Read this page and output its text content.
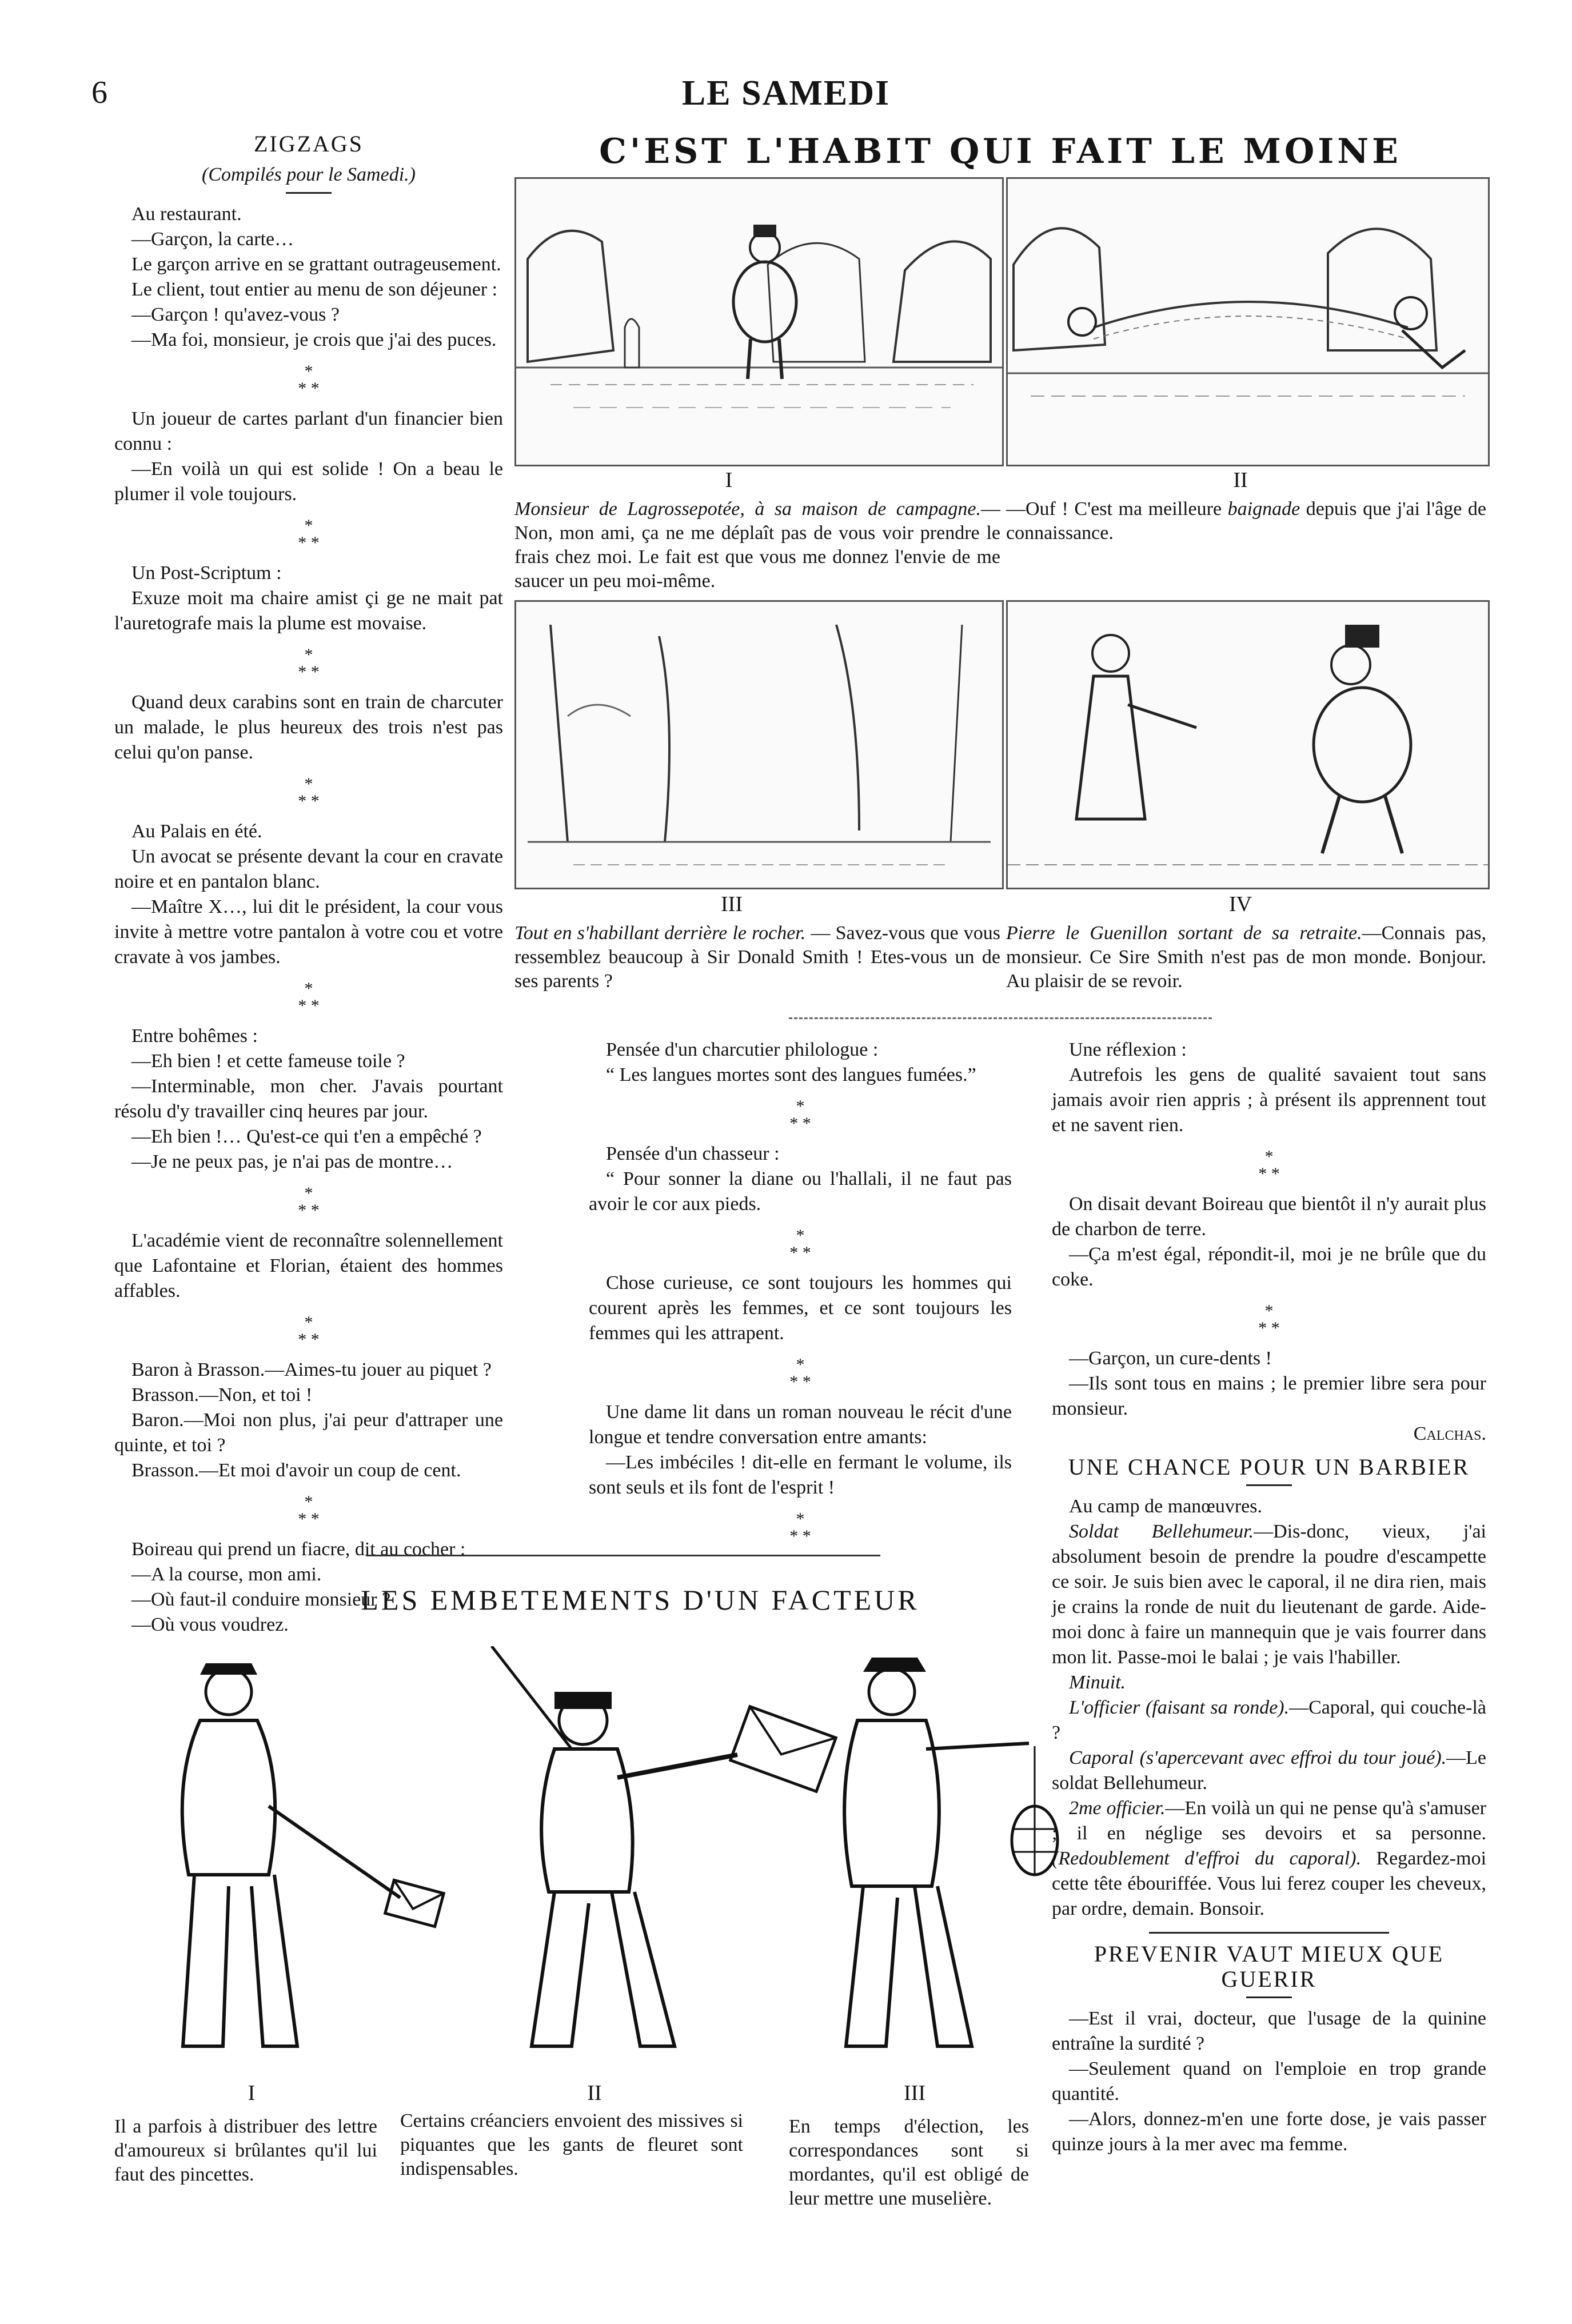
6	LE SAMEDI

ZIGZAGS

(Compilés pour le Samedi.)

Au restaurant.

—Garçon, la carte…

Le garçon arrive en se grattant outrageusement.

Le client, tout entier au menu de son déjeuner :

—Garçon ! qu'avez-vous ?

—Ma foi, monsieur, je crois que j'ai des puces.

*
* *

Un joueur de cartes parlant d'un financier bien connu :

—En voilà un qui est solide ! On a beau le plumer il vole toujours.

*
* *

Un Post-Scriptum :

Exuze moit ma chaire amist çi ge ne mait pat l'auretografe mais la plume est movaise.

*
* *

Quand deux carabins sont en train de charcuter un malade, le plus heureux des trois n'est pas celui qu'on panse.

*
* *

Au Palais en été.

Un avocat se présente devant la cour en cravate noire et en pantalon blanc.

—Maître X…, lui dit le président, la cour vous invite à mettre votre pantalon à votre cou et votre cravate à vos jambes.

*
* *

Entre bohêmes :

—Eh bien ! et cette fameuse toile ?

—Interminable, mon cher. J'avais pourtant résolu d'y travailler cinq heures par jour.

—Eh bien !… Qu'est-ce qui t'en a empêché ?

—Je ne peux pas, je n'ai pas de montre…

*
* *

L'académie vient de reconnaître solennellement que Lafontaine et Florian, étaient des hommes affables.

*
* *

Baron à Brasson.—Aimes-tu jouer au piquet ?

Brasson.—Non, et toi !

Baron.—Moi non plus, j'ai peur d'attraper une quinte, et toi ?

Brasson.—Et moi d'avoir un coup de cent.

*
* *

Boireau qui prend un fiacre, dit au cocher :

—A la course, mon ami.

—Où faut-il conduire monsieur ?

—Où vous voudrez.

C'EST L'HABIT QUI FAIT LE MOINE
I	II
Monsieur de Lagrossepotée, à sa maison de campagne.—Non, mon ami, ça ne me déplaît pas de vous voir prendre le frais chez moi. Le fait est que vous me donnez l'envie de me saucer un peu moi-même.
—Ouf ! C'est ma meilleure baignade depuis que j'ai l'âge de connaissance.
III	IV
Tout en s'habillant derrière le rocher. — Savez-vous que vous ressemblez beaucoup à Sir Donald Smith ! Etes-vous un de ses parents ?
Pierre le Guenillon sortant de sa retraite.—Connais pas, monsieur. Ce Sire Smith n'est pas de mon monde. Bonjour. Au plaisir de se revoir.

Pensée d'un charcutier philologue :

“ Les langues mortes sont des langues fumées.”

*
* *

Pensée d'un chasseur :

“ Pour sonner la diane ou l'hallali, il ne faut pas avoir le cor aux pieds.

*
* *

Chose curieuse, ce sont toujours les hommes qui courent après les femmes, et ce sont toujours les femmes qui les attrapent.

*
* *

Une dame lit dans un roman nouveau le récit d'une longue et tendre conversation entre amants:

—Les imbéciles ! dit-elle en fermant le volume, ils sont seuls et ils font de l'esprit !

*
* *

Une réflexion :

Autrefois les gens de qualité savaient tout sans jamais avoir rien appris ; à présent ils apprennent tout et ne savent rien.

*
* *

On disait devant Boireau que bientôt il n'y aurait plus de charbon de terre.

—Ça m'est égal, répondit-il, moi je ne brûle que du coke.

*
* *

—Garçon, un cure-dents !

—Ils sont tous en mains ; le premier libre sera pour monsieur.

Calchas.

UNE CHANCE POUR UN BARBIER

Au camp de manœuvres.

Soldat Bellehumeur.—Dis-donc, vieux, j'ai absolument besoin de prendre la poudre d'escampette ce soir. Je suis bien avec le caporal, il ne dira rien, mais je crains la ronde de nuit du lieutenant de garde. Aide-moi donc à faire un mannequin que je vais fourrer dans mon lit. Passe-moi le balai ; je vais l'habiller.

Minuit.

L'officier (faisant sa ronde).—Caporal, qui couche-là ?

Caporal (s'apercevant avec effroi du tour joué).—Le soldat Bellehumeur.

2me officier.—En voilà un qui ne pense qu'à s'amuser ; il en néglige ses devoirs et sa personne. (Redoublement d'effroi du caporal). Regardez-moi cette tête ébouriffée. Vous lui ferez couper les cheveux, par ordre, demain. Bonsoir.

PREVENIR VAUT MIEUX QUE GUERIR

—Est il vrai, docteur, que l'usage de la quinine entraîne la surdité ?

—Seulement quand on l'emploie en trop grande quantité.

—Alors, donnez-m'en une forte dose, je vais passer quinze jours à la mer avec ma femme.

LES EMBETEMENTS D'UN FACTEUR
I	II	III
Il a parfois à distribuer des lettre d'amoureux si brûlantes qu'il lui faut des pincettes.
Certains créanciers envoient des missives si piquantes que les gants de fleuret sont indispensables.
En temps d'élection, les correspondances sont si mordantes, qu'il est obligé de leur mettre une muselière.
